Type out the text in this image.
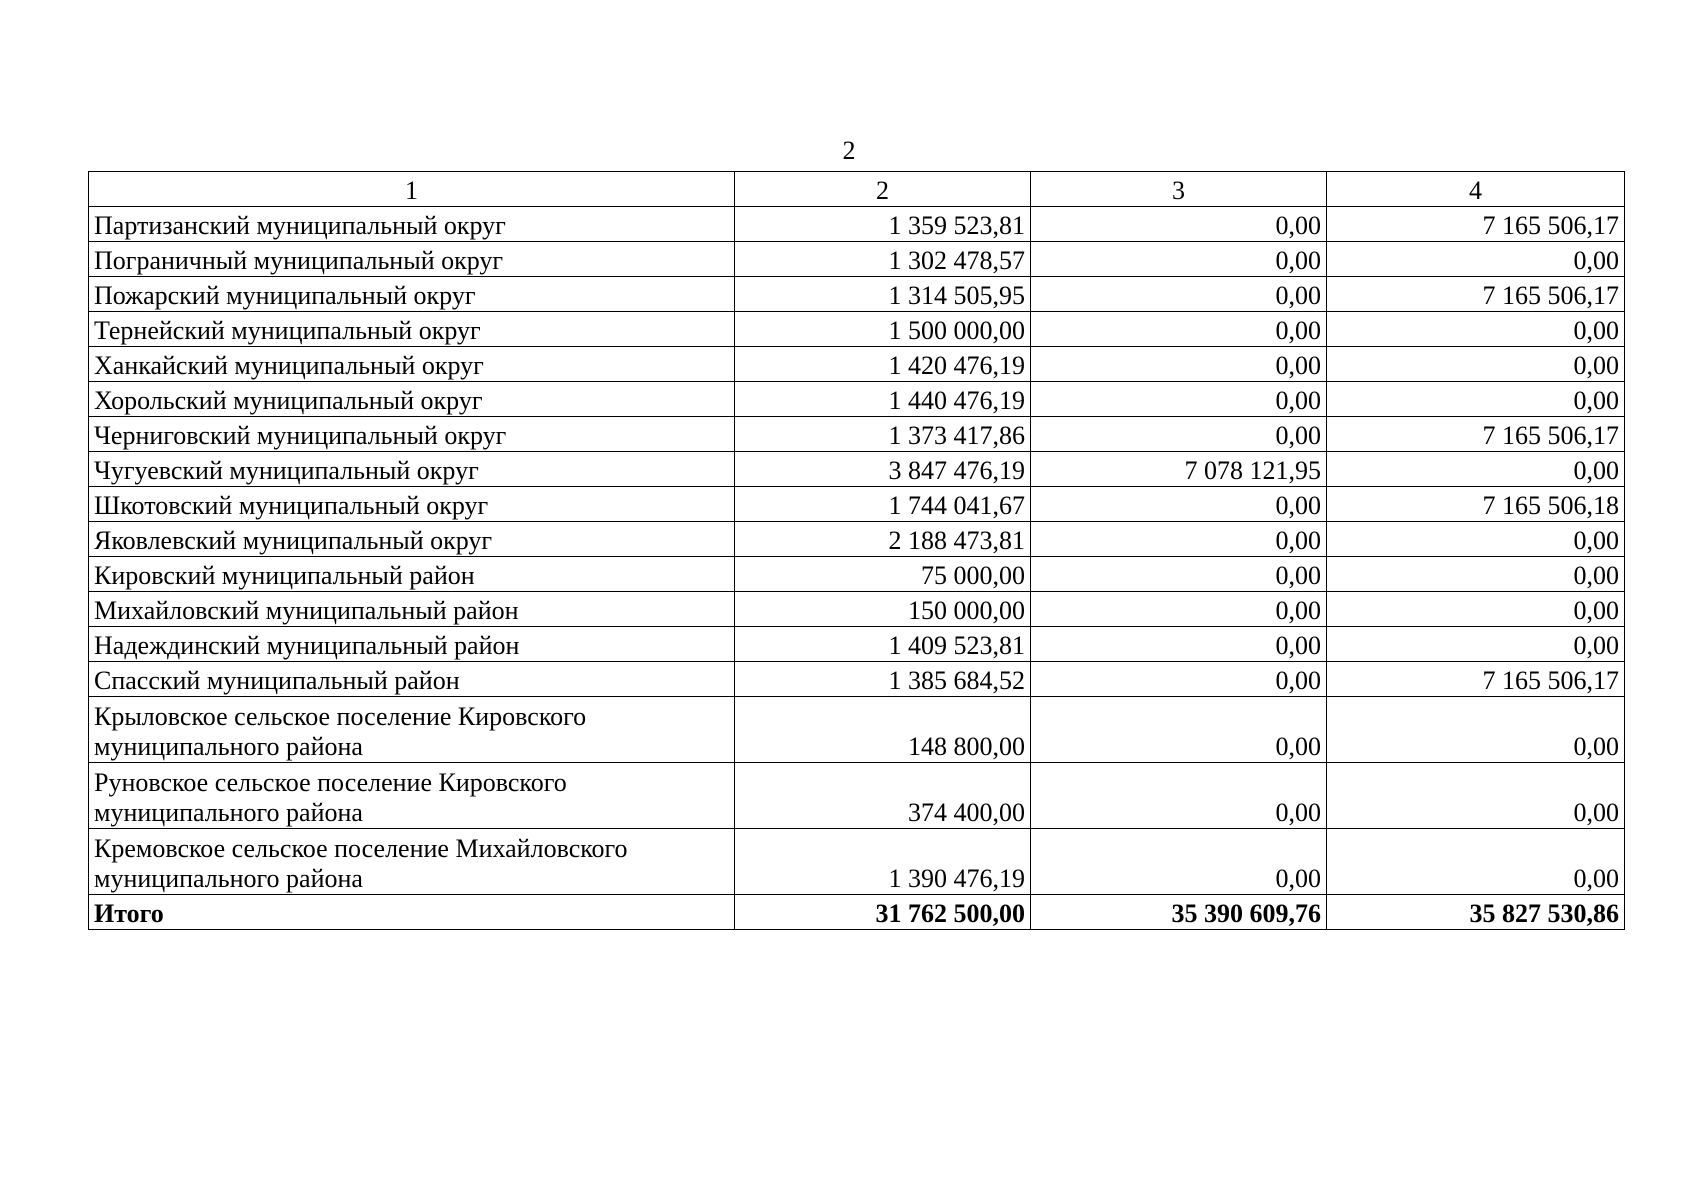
2
1	2	3	4
Партизанский муниципальный округ	1 359 523,81	0,00	7 165 506,17
Пограничный муниципальный округ	1 302 478,57	0,00	0,00
Пожарский муниципальный округ	1 314 505,95	0,00	7 165 506,17
Тернейский муниципальный округ	1 500 000,00	0,00	0,00
Ханкайский муниципальный округ	1 420 476,19	0,00	0,00
Хорольский муниципальный округ	1 440 476,19	0,00	0,00
Черниговский муниципальный округ	1 373 417,86	0,00	7 165 506,17
Чугуевский муниципальный округ	3 847 476,19	7 078 121,95	0,00
Шкотовский муниципальный округ	1 744 041,67	0,00	7 165 506,18
Яковлевский муниципальный округ	2 188 473,81	0,00	0,00
Кировский муниципальный район	75 000,00	0,00	0,00
Михайловский муниципальный район	150 000,00	0,00	0,00
Надеждинский муниципальный район	1 409 523,81	0,00	0,00
Спасский муниципальный район	1 385 684,52	0,00	7 165 506,17
Крыловское сельское поселение Кировского муниципального района	148 800,00	0,00	0,00
Руновское сельское поселение Кировского муниципального района	374 400,00	0,00	0,00
Кремовское сельское поселение Михайловского муниципального района	1 390 476,19	0,00	0,00
Итого	31 762 500,00	35 390 609,76	35 827 530,86
